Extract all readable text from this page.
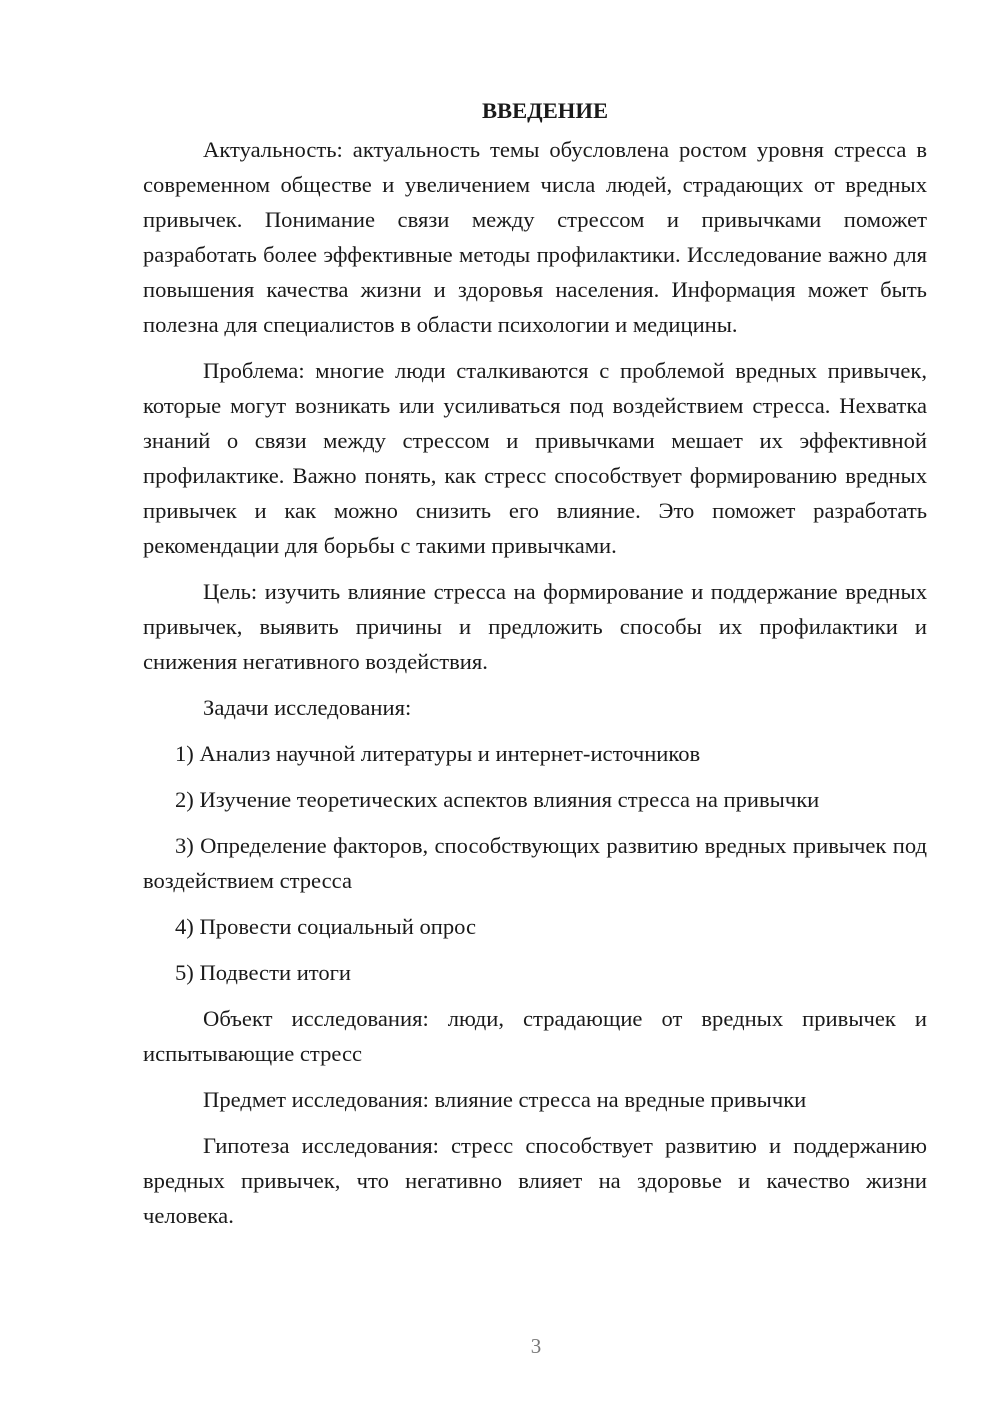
ВВЕДЕНИЕ

Актуальность: актуальность темы обусловлена ростом уровня стресса в современном обществе и увеличением числа людей, страдающих от вредных привычек. Понимание связи между стрессом и привычками поможет разработать более эффективные методы профилактики. Исследование важно для повышения качества жизни и здоровья населения. Информация может быть полезна для специалистов в области психологии и медицины.

Проблема: многие люди сталкиваются с проблемой вредных привычек, которые могут возникать или усиливаться под воздействием стресса. Нехватка знаний о связи между стрессом и привычками мешает их эффективной профилактике. Важно понять, как стресс способствует формированию вредных привычек и как можно снизить его влияние. Это поможет разработать рекомендации для борьбы с такими привычками.

Цель: изучить влияние стресса на формирование и поддержание вредных привычек, выявить причины и предложить способы их профилактики и снижения негативного воздействия.

Задачи исследования:

1) Анализ научной литературы и интернет-источников

2) Изучение теоретических аспектов влияния стресса на привычки

3) Определение факторов, способствующих развитию вредных привычек под воздействием стресса

4) Провести социальный опрос

5) Подвести итоги

Объект исследования: люди, страдающие от вредных привычек и испытывающие стресс

Предмет исследования: влияние стресса на вредные привычки

Гипотеза исследования: стресс способствует развитию и поддержанию вредных привычек, что негативно влияет на здоровье и качество жизни человека.

3
